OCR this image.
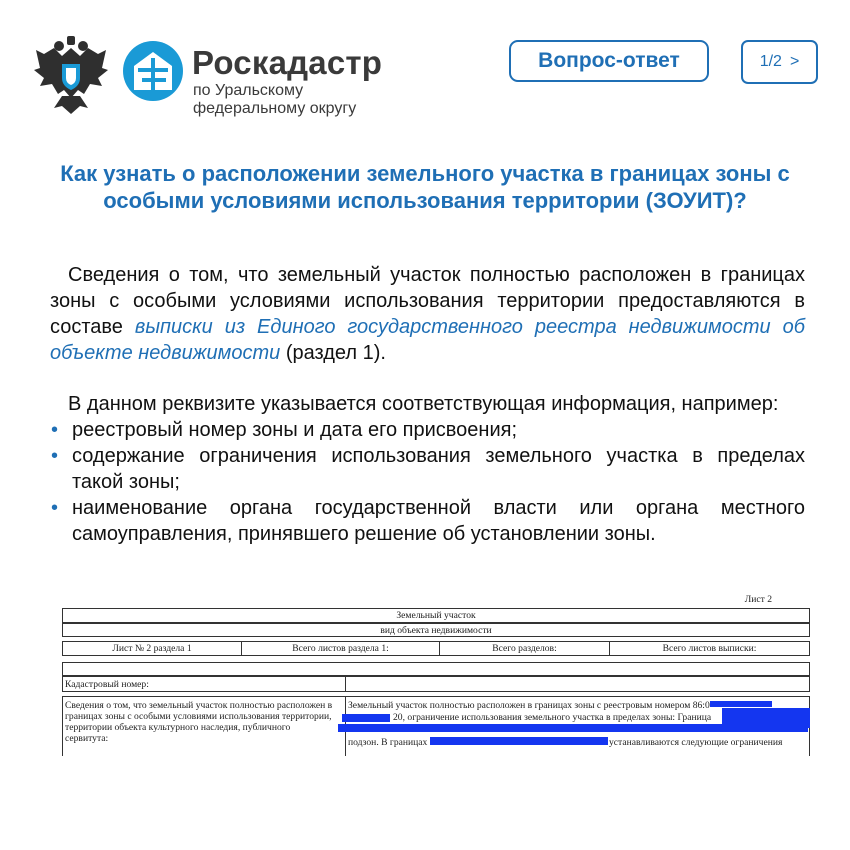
Роскадастр
по Уральскому
федеральному округу
Вопрос-ответ	1/2 >
Как узнать о расположении земельного участка в границах зоны с особыми условиями использования территории (ЗОУИТ)?

Сведения о том, что земельный участок полностью расположен в границах зоны с особыми условиями использования территории предоставляются в составе выписки из Единого государственного реестра недвижимости об объекте недвижимости (раздел 1).

В данном реквизите указывается соответствующая информация, например:

• реестровый номер зоны и дата его присвоения;
• содержание ограничения использования земельного участка в пределах такой зоны;
• наименование органа государственной власти или органа местного самоуправления, принявшего решение об установлении зоны.
Лист 2
Земельный участок
вид объекта недвижимости
Лист № 2 раздела 1	Всего листов раздела 1:	Всего разделов:	Всего листов выписки:
Кадастровый номер:
Сведения о том, что земельный участок полностью расположен в границах зоны с особыми условиями использования территории, территории объекта культурного наследия, публичного сервитута:
Земельный участок полностью расположен в границах зоны с реестровым номером 86:0
20, ограничение использования земельного участка в пределах зоны: Граница
подзон. В границах	устанавливаются следующие ограничения
